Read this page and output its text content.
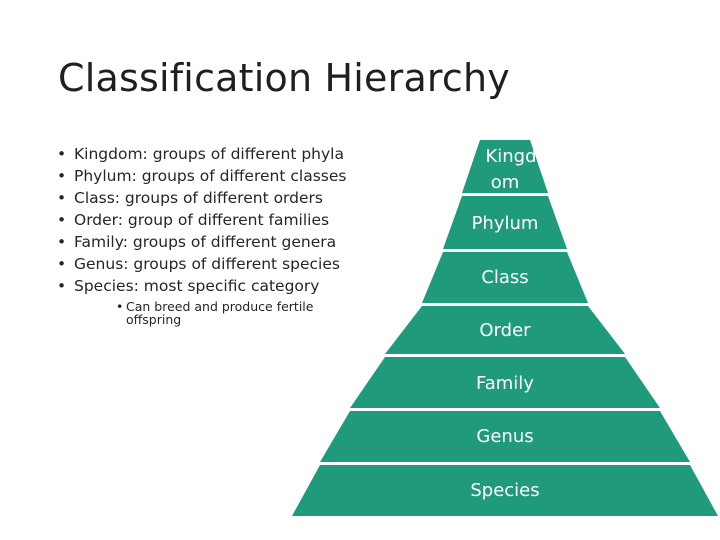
Classification Hierarchy
• Kingdom: groups of different phyla
• Phylum: groups of different classes
• Class: groups of different orders
• Order: group of different families
• Family: groups of different genera
• Genus: groups of different species
• Species: most specific category
• Can breed and produce fertile offspring
Kingd
om
Phylum
Class
Order
Family
Genus
Species
